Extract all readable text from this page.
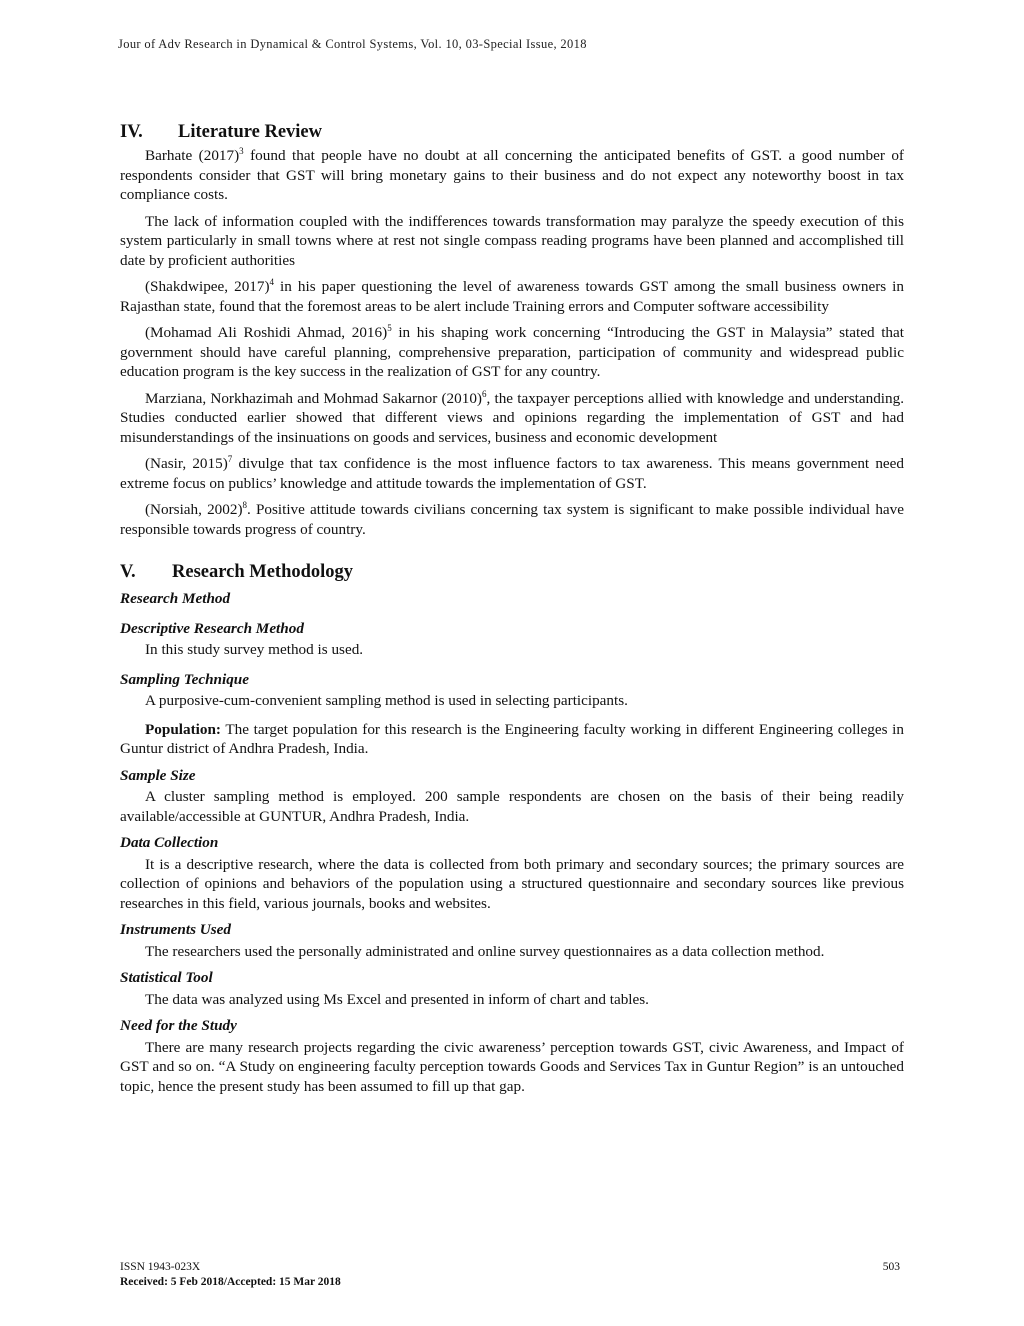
Jour of Adv Research in Dynamical & Control Systems, Vol. 10, 03-Special Issue, 2018
IV. Literature Review

Barhate $(2017)^3$ found that people have no doubt at all concerning the anticipated benefits of GST. a good number of respondents consider that GST will bring monetary gains to their business and do not expect any noteworthy boost in tax compliance costs.

The lack of information coupled with the indifferences towards transformation may paralyze the speedy execution of this system particularly in small towns where at rest not single compass reading programs have been planned and accomplished till date by proficient authorities

(Shakdwipee, 2017)$^4$ in his paper questioning the level of awareness towards GST among the small business owners in Rajasthan state, found that the foremost areas to be alert include Training errors and Computer software accessibility

(Mohamad Ali Roshidi Ahmad, 2016)$^5$ in his shaping work concerning “Introducing the GST in Malaysia” stated that government should have careful planning, comprehensive preparation, participation of community and widespread public education program is the key success in the realization of GST for any country.

Marziana, Norkhazimah and Mohmad Sakarnor $(2010)^6$, the taxpayer perceptions allied with knowledge and understanding. Studies conducted earlier showed that different views and opinions regarding the implementation of GST and had misunderstandings of the insinuations on goods and services, business and economic development

(Nasir, 2015)$^7$ divulge that tax confidence is the most influence factors to tax awareness. This means government need extreme focus on publics’ knowledge and attitude towards the implementation of GST.

(Norsiah, 2002)$^8$. Positive attitude towards civilians concerning tax system is significant to make possible individual have responsible towards progress of country.

V. Research Methodology

Research Method

Descriptive Research Method

In this study survey method is used.

Sampling Technique

A purposive-cum-convenient sampling method is used in selecting participants.

Population: The target population for this research is the Engineering faculty working in different Engineering colleges in Guntur district of Andhra Pradesh, India.

Sample Size

A cluster sampling method is employed. 200 sample respondents are chosen on the basis of their being readily available/accessible at GUNTUR, Andhra Pradesh, India.

Data Collection

It is a descriptive research, where the data is collected from both primary and secondary sources; the primary sources are collection of opinions and behaviors of the population using a structured questionnaire and secondary sources like previous researches in this field, various journals, books and websites.

Instruments Used

The researchers used the personally administrated and online survey questionnaires as a data collection method.

Statistical Tool

The data was analyzed using Ms Excel and presented in inform of chart and tables.

Need for the Study

There are many research projects regarding the civic awareness’ perception towards GST, civic Awareness, and Impact of GST and so on. “A Study on engineering faculty perception towards Goods and Services Tax in Guntur Region” is an untouched topic, hence the present study has been assumed to fill up that gap.

ISSN 1943-023X	503
Received: 5 Feb 2018/Accepted: 15 Mar 2018
